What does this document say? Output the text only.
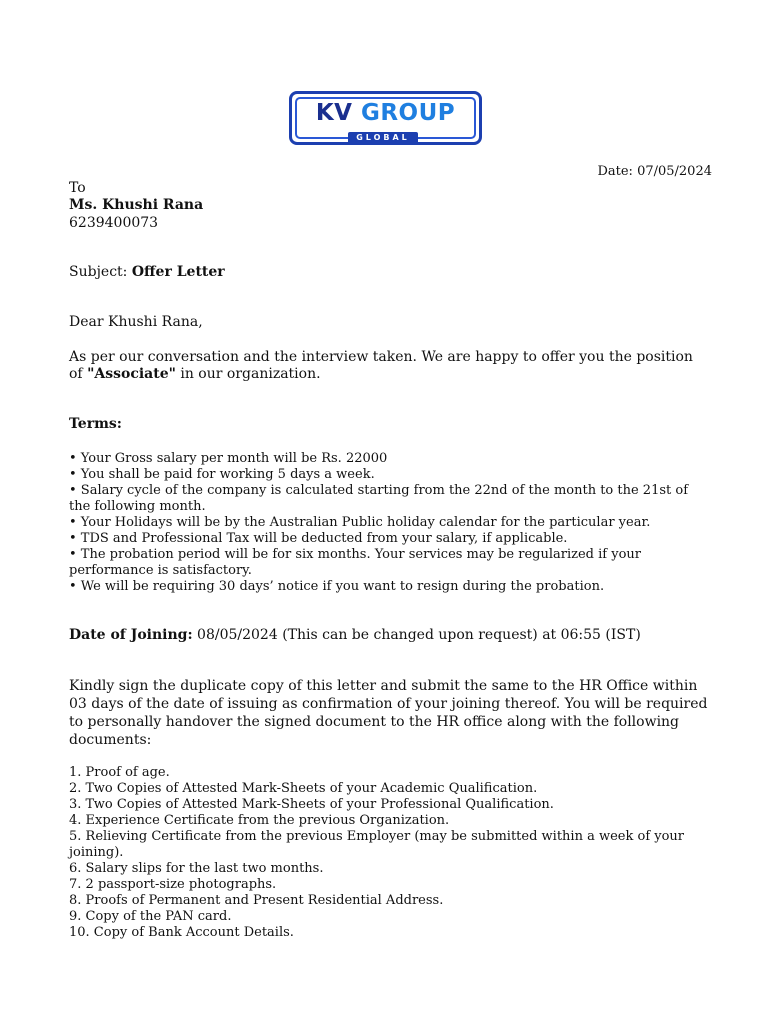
KV GROUP
GLOBAL
Date: 07/05/2024
To
Ms. Khushi Rana
6239400073
Subject: Offer Letter
Dear Khushi Rana,
As per our conversation and the interview taken. We are happy to offer you the position
of "Associate" in our organization.
Terms:
• Your Gross salary per month will be Rs. 22000
• You shall be paid for working 5 days a week.
• Salary cycle of the company is calculated starting from the 22nd of the month to the 21st of the following month.
• Your Holidays will be by the Australian Public holiday calendar for the particular year.
• TDS and Professional Tax will be deducted from your salary, if applicable.
• The probation period will be for six months. Your services may be regularized if your performance is satisfactory.
• We will be requiring 30 days’ notice if you want to resign during the probation.
Date of Joining: 08/05/2024 (This can be changed upon request) at 06:55 (IST)
Kindly sign the duplicate copy of this letter and submit the same to the HR Office within 03 days of the date of issuing as confirmation of your joining thereof. You will be required to personally handover the signed document to the HR office along with the following documents:
1. Proof of age.
2. Two Copies of Attested Mark-Sheets of your Academic Qualification.
3. Two Copies of Attested Mark-Sheets of your Professional Qualification.
4. Experience Certificate from the previous Organization.
5. Relieving Certificate from the previous Employer (may be submitted within a week of your joining).
6. Salary slips for the last two months.
7. 2 passport-size photographs.
8. Proofs of Permanent and Present Residential Address.
9. Copy of the PAN card.
10. Copy of Bank Account Details.
